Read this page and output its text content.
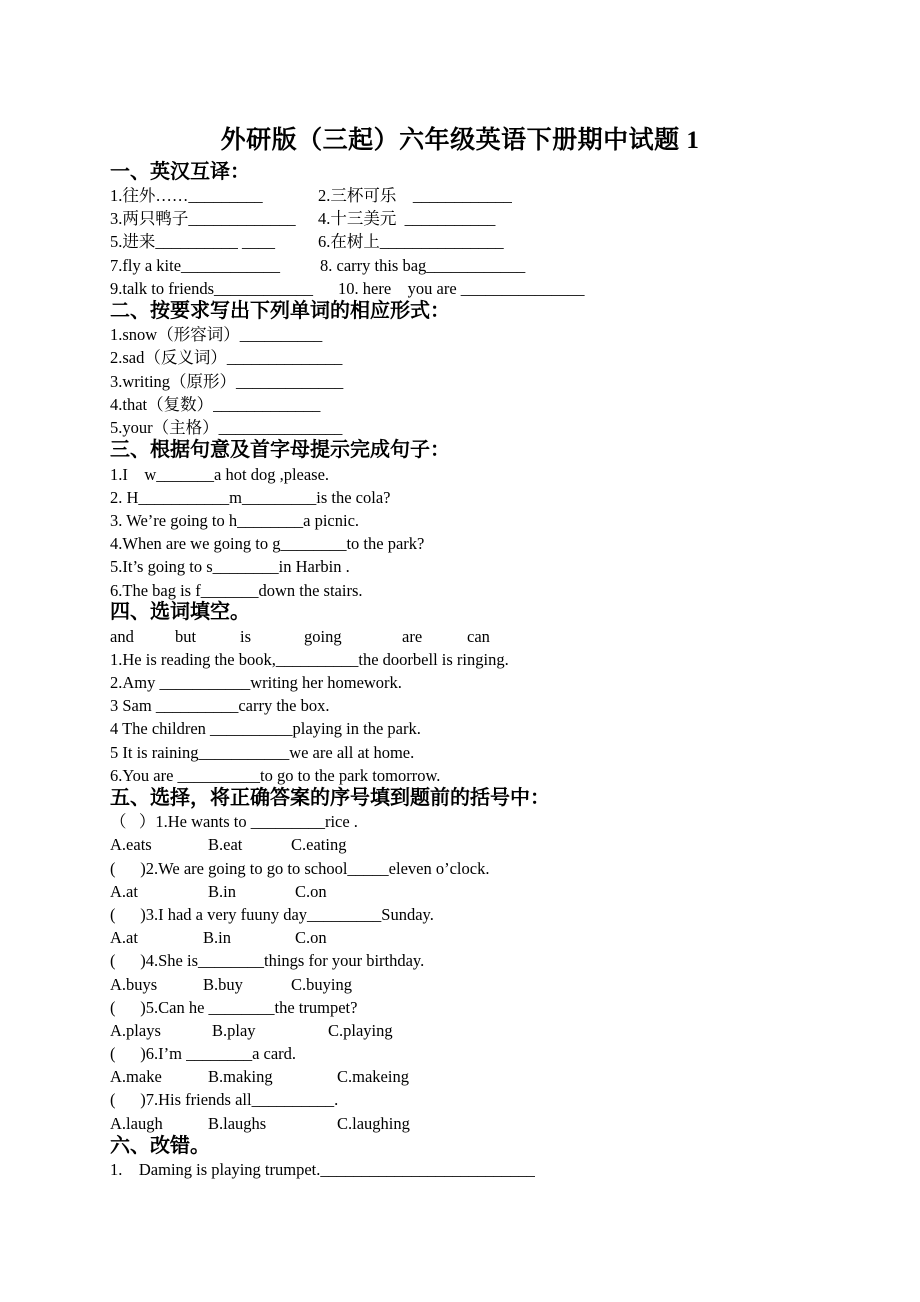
外研版（三起）六年级英语下册期中试题 1
一、英汉互译：
1.往外……_________	2.三杯可乐    ____________
3.两只鸭子_____________ 4.十三美元  ___________
5.进来__________ ____	6.在树上_______________
7.fly a kite____________ 8. carry this bag____________
9.talk to friends____________ 10. here    you are _______________
二、按要求写出下列单词的相应形式：
1.snow（形容词）__________
2.sad（反义词）______________
3.writing（原形）_____________
4.that（复数）_____________
5.your（主格）_______________
三、根据句意及首字母提示完成句子：
1.I    w_______a hot dog ,please.
2. H___________m_________is the cola?
3. We’re going to h________a picnic.
4.When are we going to g________to the park?
5.It’s going to s________in Harbin .
6.The bag is f_______down the stairs.
四、选词填空。
and but	is	going	are	can
1.He is reading the book,__________the doorbell is ringing.
2.Amy ___________writing her homework.
3 Sam __________carry the box.
4 The children __________playing in the park.
5 It is raining___________we are all at home.
6.You are __________to go to the park tomorrow.
五、选择，将正确答案的序号填到题前的括号中：
（   ）1.He wants to _________rice .
A.eats	B.eat	C.eating
(      )2.We are going to go to school_____eleven o’clock.
A.at	B.in	C.on
(      )3.I had a very fuuny day_________Sunday.
A.at	B.in	C.on
(      )4.She is________things for your birthday.
A.buys	B.buy	C.buying
(      )5.Can he ________the trumpet?
A.plays	B.play	C.playing
(      )6.I’m ________a card.
A.make	B.making	C.makeing
(      )7.His friends all__________.
A.laugh	B.laughs	C.laughing
六、改错。
1.    Daming is playing trumpet.__________________________
